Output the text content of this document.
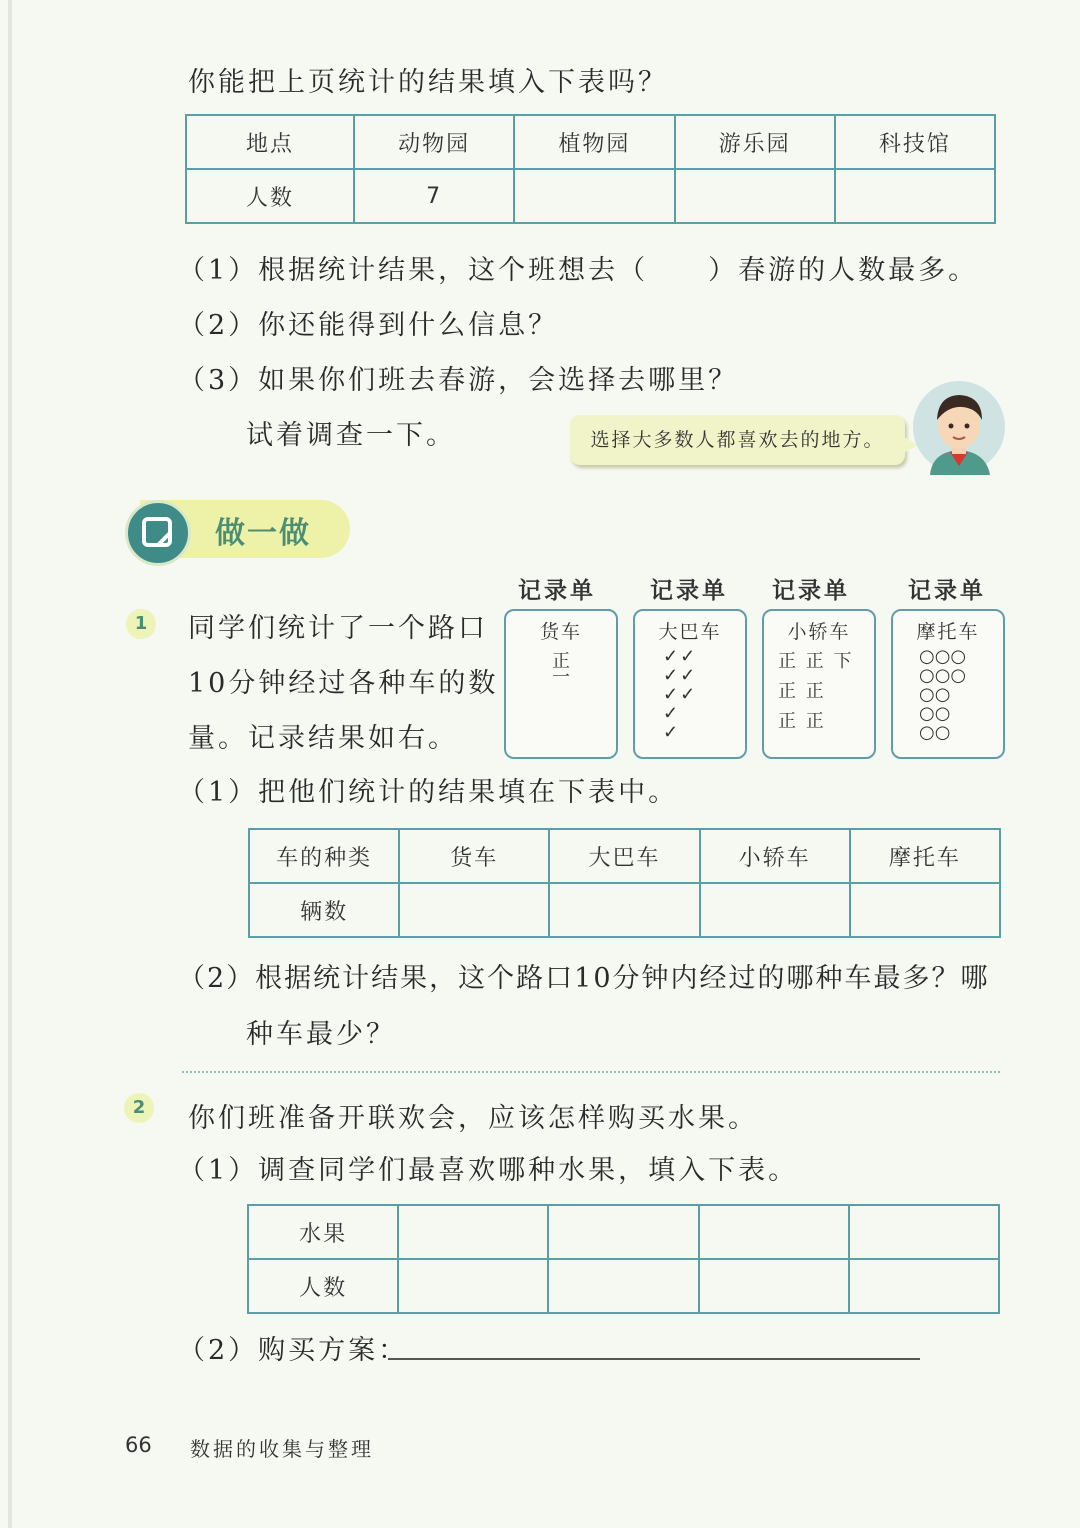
你能把上页统计的结果填入下表吗？
地点	动物园	植物园	游乐园	科技馆
人数	7			
（1）根据统计结果，这个班想去（　　）春游的人数最多。
（2）你还能得到什么信息？
（3）如果你们班去春游，会选择去哪里？
试着调查一下。	选择大多数人都喜欢去的地方。
做一做
1	同学们统计了一个路口
10分钟经过各种车的数
量。记录结果如右。
记录单 记录单 记录单	记录单
货车
正
一
大巴车
✓✓
✓✓
✓✓
✓
✓
小轿车
正 正 下
正 正
正 正
摩托车
○○○
○○○
○○
○○
○○
（1）把他们统计的结果填在下表中。
车的种类	货车	大巴车	小轿车	摩托车
辆数				
（2）根据统计结果，这个路口10分钟内经过的哪种车最多？哪
种车最少？
2	你们班准备开联欢会，应该怎样购买水果。
（1）调查同学们最喜欢哪种水果，填入下表。
水果				
人数				
（2）购买方案：
66 数据的收集与整理
